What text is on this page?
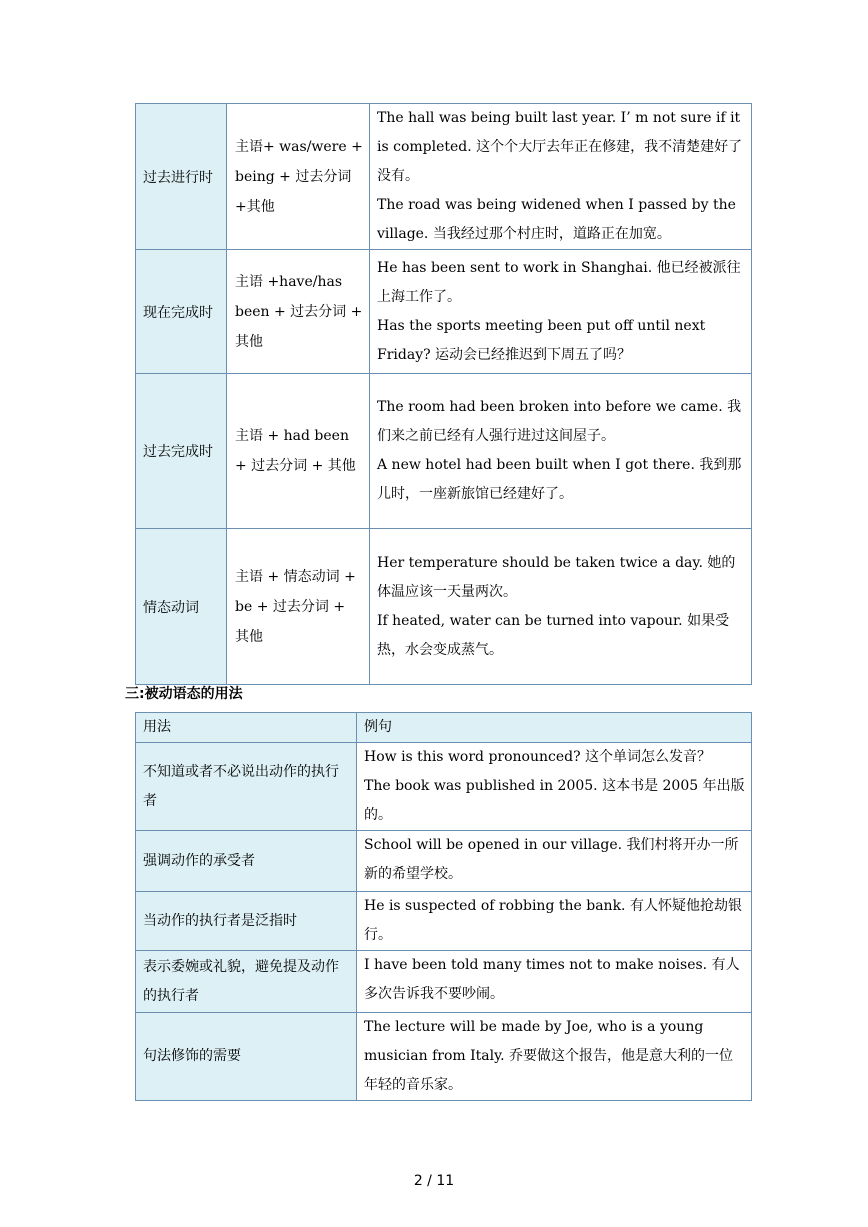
过去进行时	主语+ was/were + being + 过去分词+其他	The hall was being built last year. I’ m not sure if it is completed. 这个个大厅去年正在修建，我不清楚建好了没有。

The road was being widened when I passed by the village. 当我经过那个村庄时，道路正在加宽。

现在完成时	主语 +have/has been + 过去分词 + 其他	He has been sent to work in Shanghai. 他已经被派往上海工作了。

Has the sports meeting been put off until next Friday? 运动会已经推迟到下周五了吗？

过去完成时	主语 + had been + 过去分词 + 其他	The room had been broken into before we came. 我们来之前已经有人强行进过这间屋子。

A new hotel had been built when I got there. 我到那儿时，一座新旅馆已经建好了。

情态动词	主语 + 情态动词 + be + 过去分词 + 其他	Her temperature should be taken twice a day. 她的体温应该一天量两次。

If heated, water can be turned into vapour. 如果受热，水会变成蒸气。

三:被动语态的用法
用法	例句
不知道或者不必说出动作的执行者	How is this word pronounced? 这个单词怎么发音？

The book was published in 2005. 这本书是 2005 年出版的。

强调动作的承受者	School will be opened in our village. 我们村将开办一所新的希望学校。

当动作的执行者是泛指时	He is suspected of robbing the bank. 有人怀疑他抢劫银行。

表示委婉或礼貌，避免提及动作的执行者	I have been told many times not to make noises. 有人多次告诉我不要吵闹。

句法修饰的需要	The lecture will be made by Joe, who is a young musician from Italy. 乔要做这个报告，他是意大利的一位年轻的音乐家。

2 / 11
